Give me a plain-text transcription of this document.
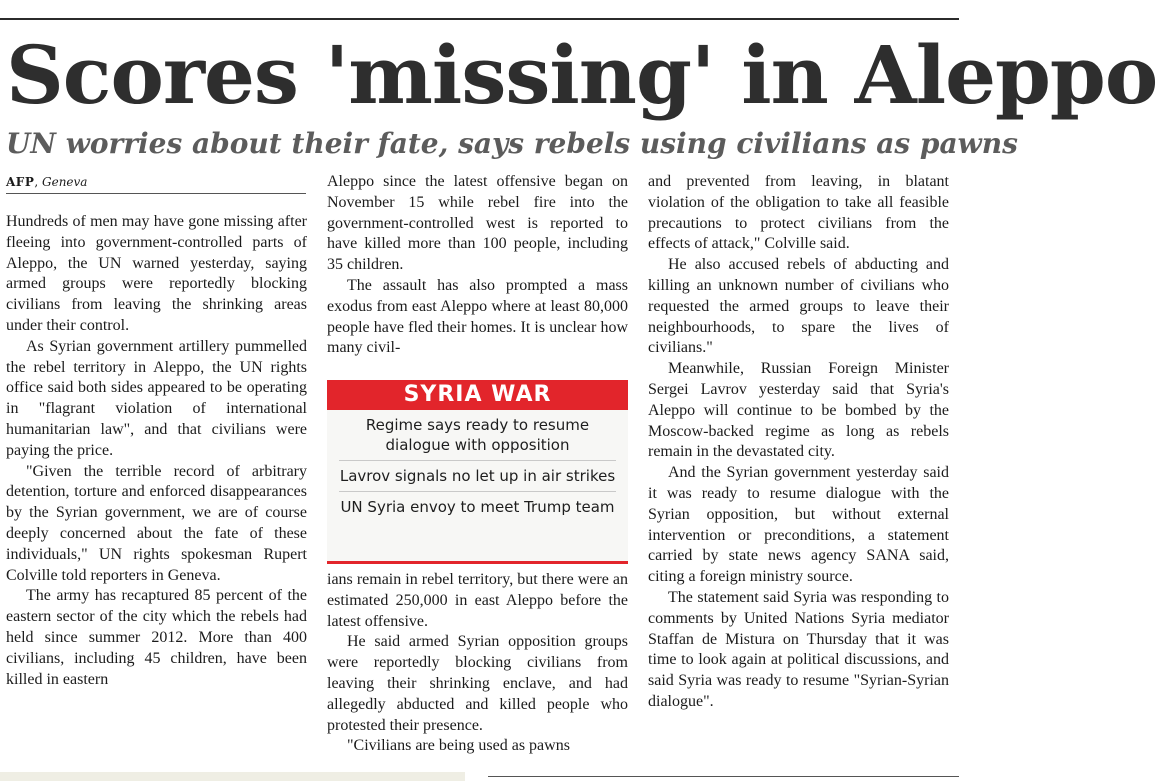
Scores 'missing' in Aleppo
UN worries about their fate, says rebels using civilians as pawns
AFP, Geneva

Hundreds of men may have gone missing after fleeing into government-controlled parts of Aleppo, the UN warned yesterday, saying armed groups were reportedly blocking civilians from leaving the shrinking areas under their control.

As Syrian government artillery pummelled the rebel territory in Aleppo, the UN rights office said both sides appeared to be operating in "flagrant violation of international humanitarian law", and that civilians were paying the price.

"Given the terrible record of arbitrary detention, torture and enforced disappearances by the Syrian government, we are of course deeply concerned about the fate of these individuals," UN rights spokesman Rupert Colville told reporters in Geneva.

The army has recaptured 85 percent of the eastern sector of the city which the rebels had held since summer 2012. More than 400 civilians, including 45 children, have been killed in eastern

Aleppo since the latest offensive began on November 15 while rebel fire into the government-controlled west is reported to have killed more than 100 people, including 35 children.

The assault has also prompted a mass exodus from east Aleppo where at least 80,000 people have fled their homes. It is unclear how many civil-

SYRIA WAR
Regime says ready to resume dialogue with opposition
Lavrov signals no let up in air strikes
UN Syria envoy to meet Trump team

ians remain in rebel territory, but there were an estimated 250,000 in east Aleppo before the latest offensive.

He said armed Syrian opposition groups were reportedly blocking civilians from leaving their shrinking enclave, and had allegedly abducted and killed people who protested their presence.

"Civilians are being used as pawns

and prevented from leaving, in blatant violation of the obligation to take all feasible precautions to protect civilians from the effects of attack," Colville said.

He also accused rebels of abducting and killing an unknown number of civilians who requested the armed groups to leave their neighbourhoods, to spare the lives of civilians."

Meanwhile, Russian Foreign Minister Sergei Lavrov yesterday said that Syria's Aleppo will continue to be bombed by the Moscow-backed regime as long as rebels remain in the devastated city.

And the Syrian government yesterday said it was ready to resume dialogue with the Syrian opposition, but without external intervention or preconditions, a statement carried by state news agency SANA said, citing a foreign ministry source.

The statement said Syria was responding to comments by United Nations Syria mediator Staffan de Mistura on Thursday that it was time to look again at political discussions, and said Syria was ready to resume "Syrian-Syrian dialogue".
